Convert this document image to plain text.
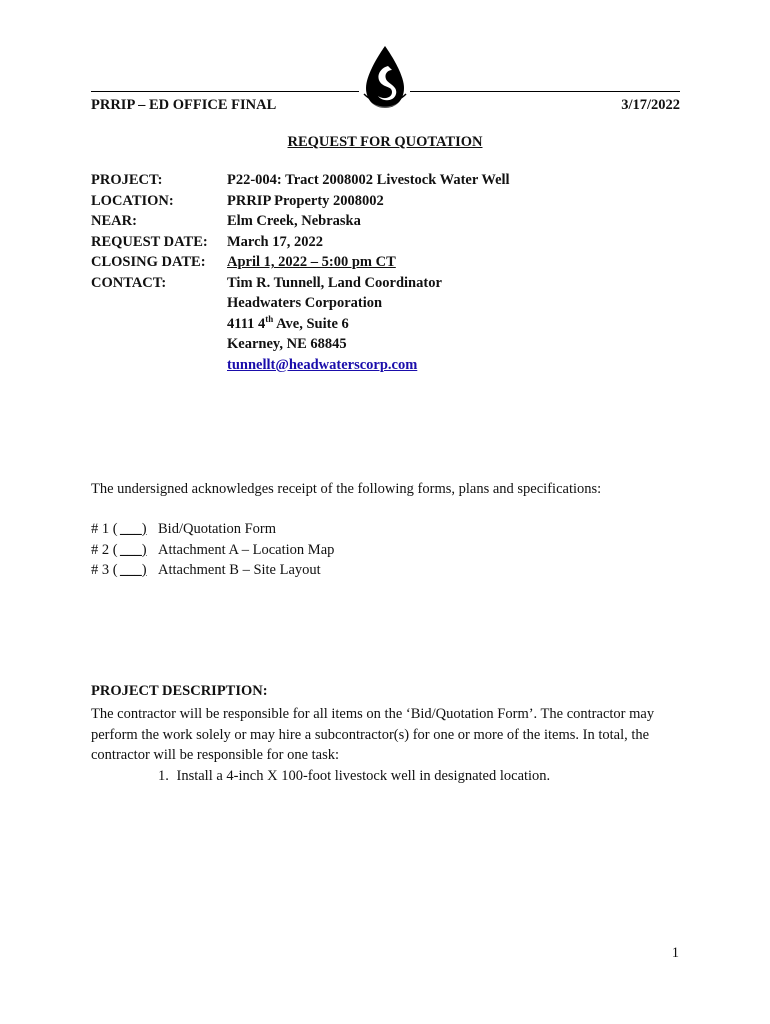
PRRIP – ED OFFICE FINAL	3/17/2022
REQUEST FOR QUOTATION
PROJECT:	P22-004: Tract 2008002 Livestock Water Well
LOCATION:	PRRIP Property 2008002
NEAR:	Elm Creek, Nebraska
REQUEST DATE: March 17, 2022
CLOSING DATE: April 1, 2022 – 5:00 pm CT
CONTACT:	Tim R. Tunnell, Land Coordinator
Headwaters Corporation
4111 4th Ave, Suite 6
Kearney, NE 68845
tunnellt@headwaterscorp.com
The undersigned acknowledges receipt of the following forms, plans and specifications:
# 1 ( ___) Bid/Quotation Form
# 2 ( ___) Attachment A – Location Map
# 3 ( ___) Attachment B – Site Layout
PROJECT DESCRIPTION:
The contractor will be responsible for all items on the ‘Bid/Quotation Form’. The contractor may
perform the work solely or may hire a subcontractor(s) for one or more of the items. In total, the
contractor will be responsible for one task:
1. Install a 4-inch X 100-foot livestock well in designated location.
1
